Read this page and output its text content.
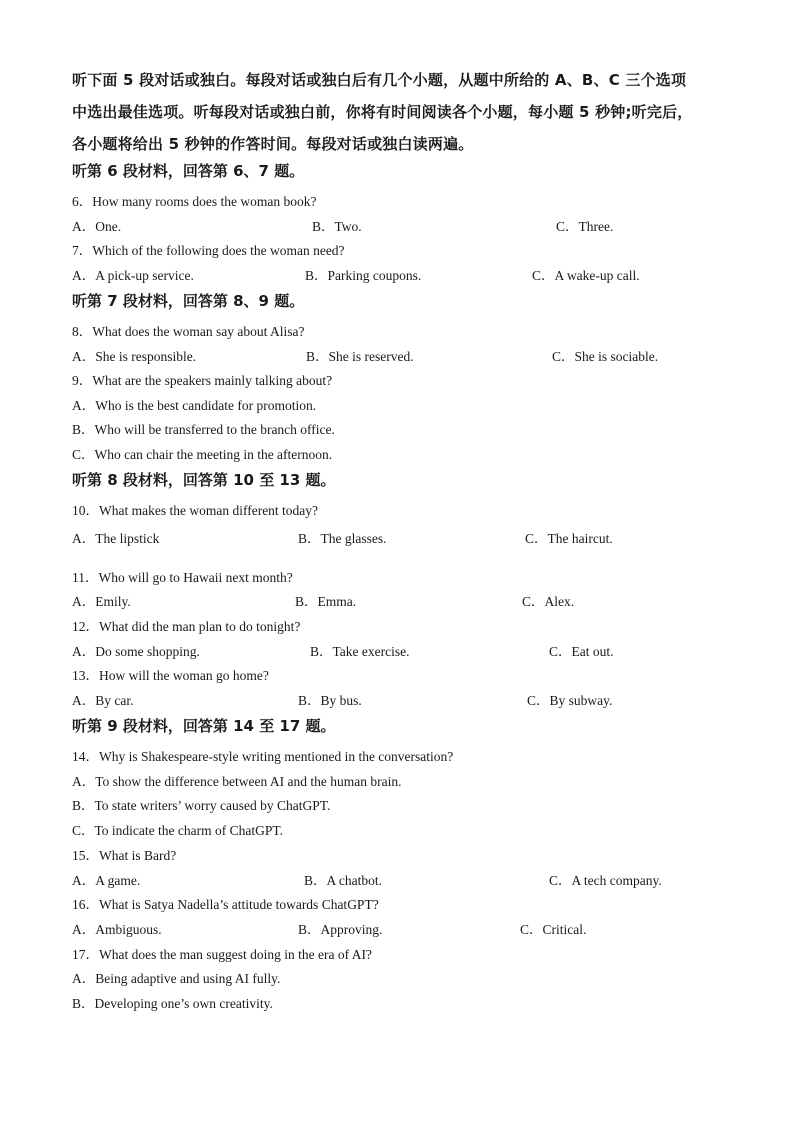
听下面 5 段对话或独白。每段对话或独白后有几个小题，从题中所给的 A、B、C 三个选项
中选出最佳选项。听每段对话或独白前，你将有时间阅读各个小题，每小题 5 秒钟;听完后，
各小题将给出 5 秒钟的作答时间。每段对话或独白读两遍。
听第 6 段材料，回答第 6、7 题。
6．How many rooms does the woman book?
A．One.	B．Two.	C．Three.
7．Which of the following does the woman need?
A．A pick-up service.	B．Parking coupons.	C．A wake-up call.
听第 7 段材料，回答第 8、9 题。
8．What does the woman say about Alisa?
A．She is responsible.	B．She is reserved.	C．She is sociable.
9．What are the speakers mainly talking about?
A．Who is the best candidate for promotion.
B．Who will be transferred to the branch office.
C．Who can chair the meeting in the afternoon.
听第 8 段材料，回答第 10 至 13 题。
10．What makes the woman different today?
A．The lipstick	B．The glasses.	C．The haircut.
11．Who will go to Hawaii next month?
A．Emily.	B．Emma.	C．Alex.
12．What did the man plan to do tonight?
A．Do some shopping.	B．Take exercise.	C．Eat out.
13．How will the woman go home?
A．By car.	B．By bus.	C．By subway.
听第 9 段材料，回答第 14 至 17 题。
14．Why is Shakespeare-style writing mentioned in the conversation?
A．To show the difference between AI and the human brain.
B．To state writers’ worry caused by ChatGPT.
C．To indicate the charm of ChatGPT.
15．What is Bard?
A．A game.	B．A chatbot.	C．A tech company.
16．What is Satya Nadella’s attitude towards ChatGPT?
A．Ambiguous.	B．Approving.	C．Critical.
17．What does the man suggest doing in the era of AI?
A．Being adaptive and using AI fully.
B．Developing one’s own creativity.
